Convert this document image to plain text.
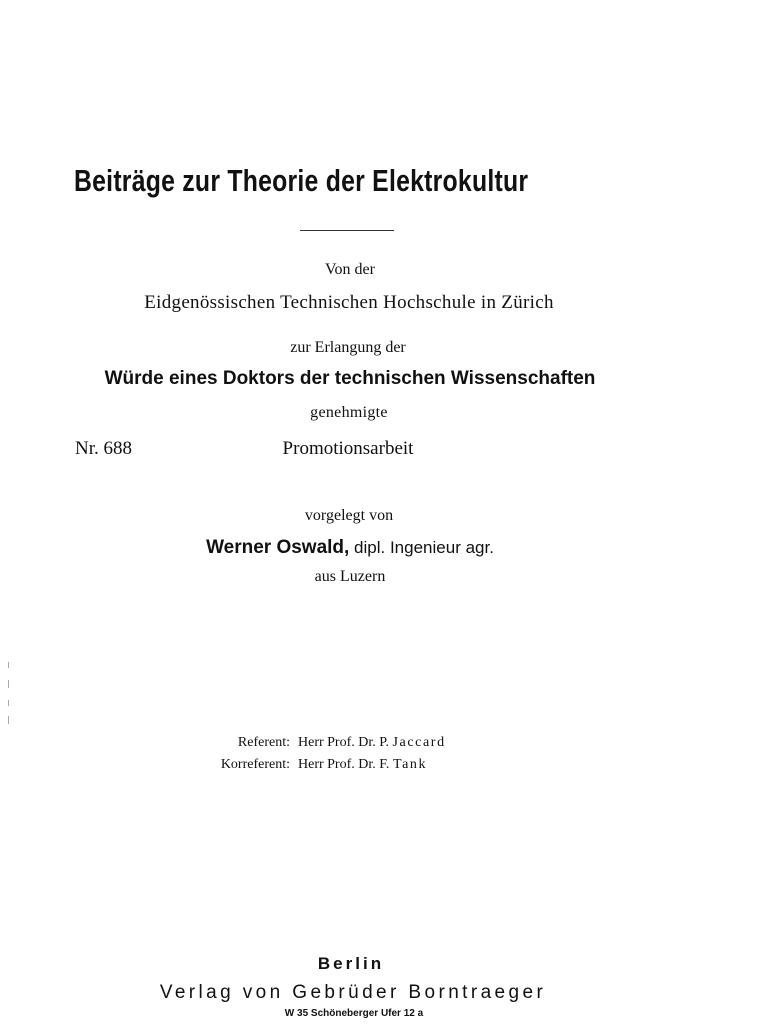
Beiträge zur Theorie der Elektrokultur
Von der
Eidgenössischen Technischen Hochschule in Zürich
zur Erlangung der
Würde eines Doktors der technischen Wissenschaften
genehmigte
Nr. 688	Promotionsarbeit
vorgelegt von
Werner Oswald, dipl. Ingenieur agr.
aus Luzern
Referent: Herr Prof. Dr. P. Jaccard
Korreferent: Herr Prof. Dr. F. Tank
Berlin
Verlag von Gebrüder Borntraeger
W 35 Schöneberger Ufer 12 a
